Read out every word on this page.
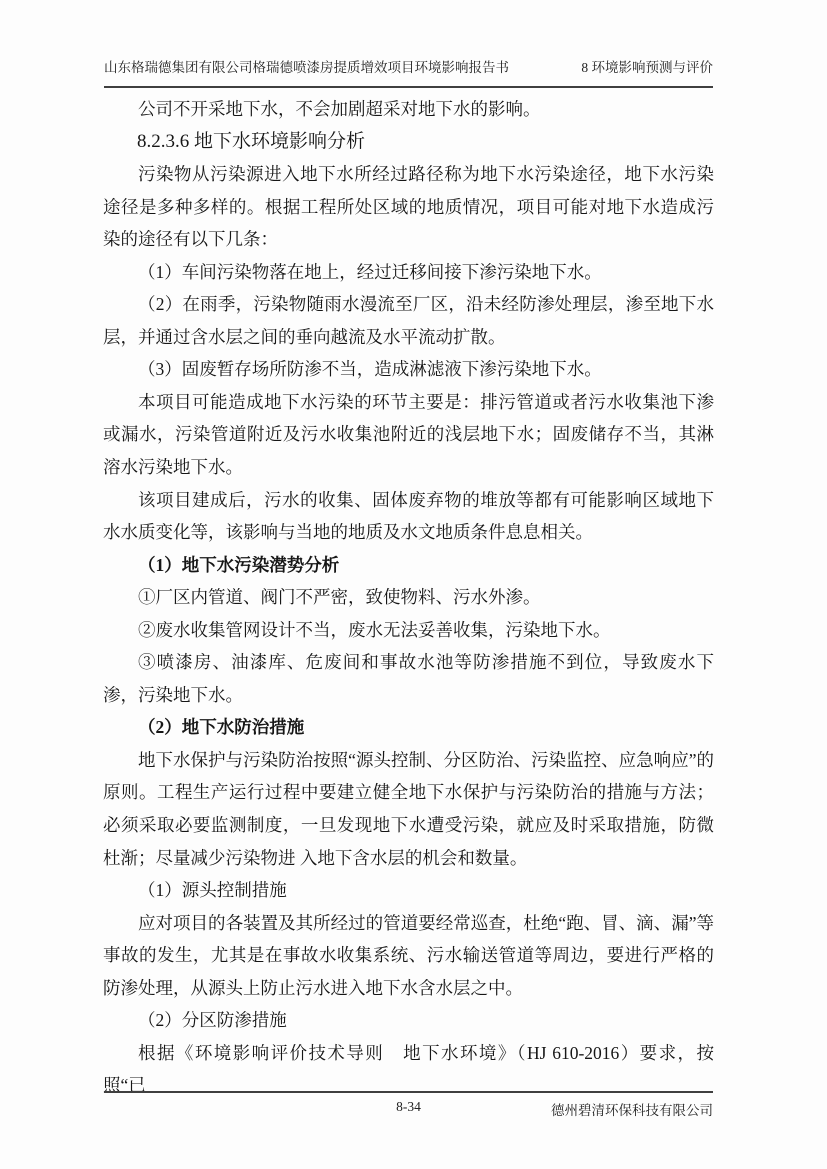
山东格瑞德集团有限公司格瑞德喷漆房提质增效项目环境影响报告书	8 环境影响预测与评价

公司不开采地下水，不会加剧超采对地下水的影响。

8.2.3.6 地下水环境影响分析

污染物从污染源进入地下水所经过路径称为地下水污染途径，地下水污染途径是多种多样的。根据工程所处区域的地质情况，项目可能对地下水造成污染的途径有以下几条：

（1）车间污染物落在地上，经过迁移间接下渗污染地下水。

（2）在雨季，污染物随雨水漫流至厂区，沿未经防渗处理层，渗至地下水层，并通过含水层之间的垂向越流及水平流动扩散。

（3）固废暂存场所防渗不当，造成淋滤液下渗污染地下水。

本项目可能造成地下水污染的环节主要是：排污管道或者污水收集池下渗或漏水，污染管道附近及污水收集池附近的浅层地下水；固废储存不当，其淋溶水污染地下水。

该项目建成后，污水的收集、固体废弃物的堆放等都有可能影响区域地下水水质变化等，该影响与当地的地质及水文地质条件息息相关。

（1）地下水污染潜势分析

①厂区内管道、阀门不严密，致使物料、污水外渗。

②废水收集管网设计不当，废水无法妥善收集，污染地下水。

③喷漆房、油漆库、危废间和事故水池等防渗措施不到位，导致废水下渗，污染地下水。

（2）地下水防治措施

地下水保护与污染防治按照“源头控制、分区防治、污染监控、应急响应”的原则。工程生产运行过程中要建立健全地下水保护与污染防治的措施与方法；必须采取必要监测制度，一旦发现地下水遭受污染，就应及时采取措施，防微杜渐；尽量减少污染物进 入地下含水层的机会和数量。

（1）源头控制措施

应对项目的各装置及其所经过的管道要经常巡查，杜绝“跑、冒、滴、漏”等事故的发生，尤其是在事故水收集系统、污水输送管道等周边，要进行严格的防渗处理，从源头上防止污水进入地下水含水层之中。

（2）分区防渗措施

根据《环境影响评价技术导则　地下水环境》（HJ 610-2016）要求，按照“已

8-34	德州碧清环保科技有限公司
